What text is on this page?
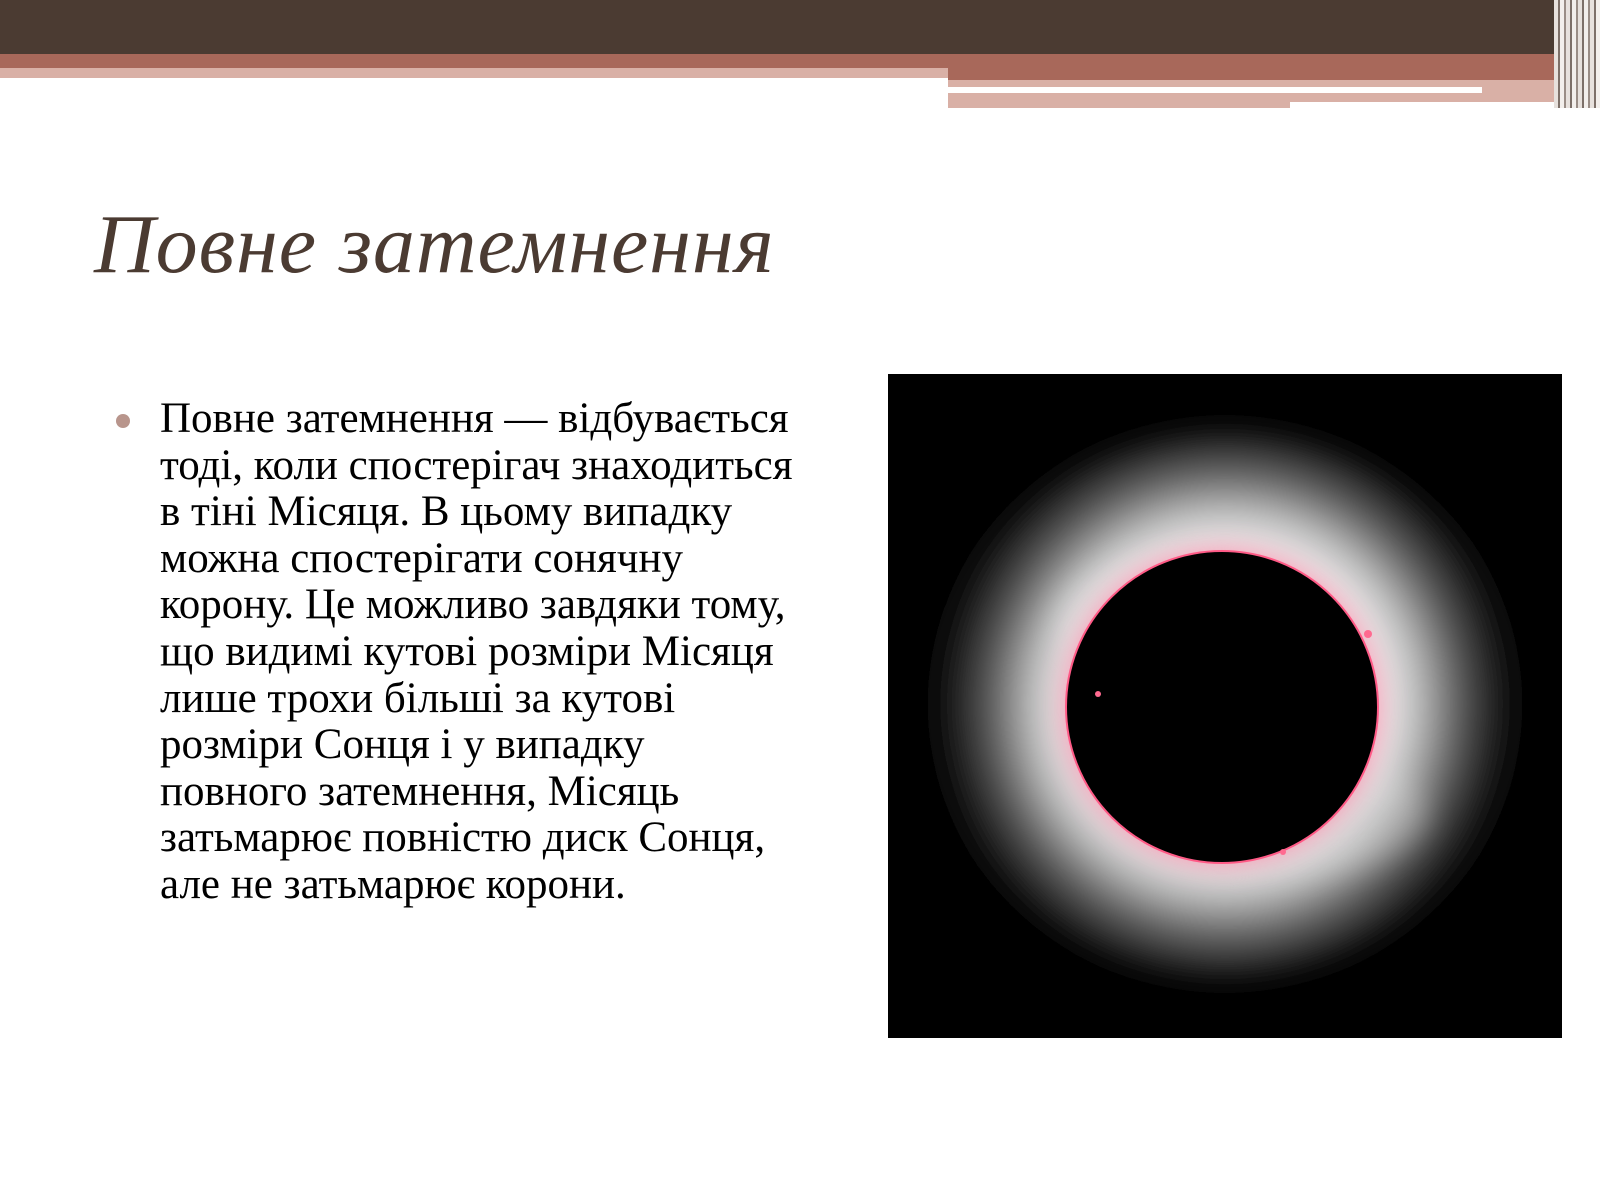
Повне затемнення

Повне затемнення — відбувається тоді, коли спостерігач знаходиться в тіні Місяця. В цьому випадку можна спостерігати сонячну корону. Це можливо завдяки тому, що видимі кутові розміри Місяця лише трохи більші за кутові розміри Сонця і у випадку повного затемнення, Місяць затьмарює повністю диск Сонця, але не затьмарює корони.
